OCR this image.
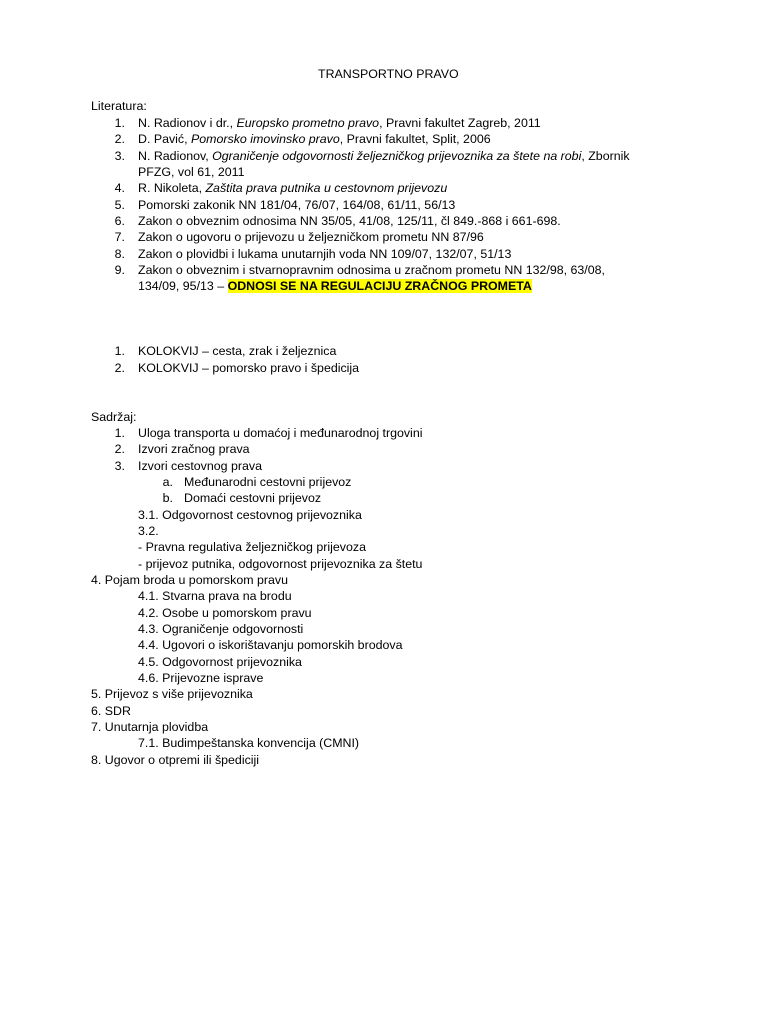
TRANSPORTNO PRAVO
Literatura:
1. N. Radionov i dr., Europsko prometno pravo, Pravni fakultet Zagreb, 2011
2. D. Pavić, Pomorsko imovinsko pravo, Pravni fakultet, Split, 2006
3. N. Radionov, Ograničenje odgovornosti željezničkog prijevoznika za štete na robi, Zbornik
PFZG, vol 61, 2011
4. R. Nikoleta, Zaštita prava putnika u cestovnom prijevozu
5. Pomorski zakonik NN 181/04, 76/07, 164/08, 61/11, 56/13
6. Zakon o obveznim odnosima NN 35/05, 41/08, 125/11, čl 849.-868 i 661-698.
7. Zakon o ugovoru o prijevozu u željezničkom prometu NN 87/96
8. Zakon o plovidbi i lukama unutarnjih voda NN 109/07, 132/07, 51/13
9. Zakon o obveznim i stvarnopravnim odnosima u zračnom prometu NN 132/98, 63/08,
134/09, 95/13 – ODNOSI SE NA REGULACIJU ZRAČNOG PROMETA
1. KOLOKVIJ – cesta, zrak i željeznica
2. KOLOKVIJ – pomorsko pravo i špedicija
Sadržaj:
1. Uloga transporta u domaćoj i međunarodnoj trgovini
2. Izvori zračnog prava
3. Izvori cestovnog prava
a. Međunarodni cestovni prijevoz
b. Domaći cestovni prijevoz
3.1. Odgovornost cestovnog prijevoznika
3.2.
- Pravna regulativa željezničkog prijevoza
- prijevoz putnika, odgovornost prijevoznika za štetu
4. Pojam broda u pomorskom pravu
4.1. Stvarna prava na brodu
4.2. Osobe u pomorskom pravu
4.3. Ograničenje odgovornosti
4.4. Ugovori o iskorištavanju pomorskih brodova
4.5. Odgovornost prijevoznika
4.6. Prijevozne isprave
5. Prijevoz s više prijevoznika
6. SDR
7. Unutarnja plovidba
7.1. Budimpeštanska konvencija (CMNI)
8. Ugovor o otpremi ili špediciji
